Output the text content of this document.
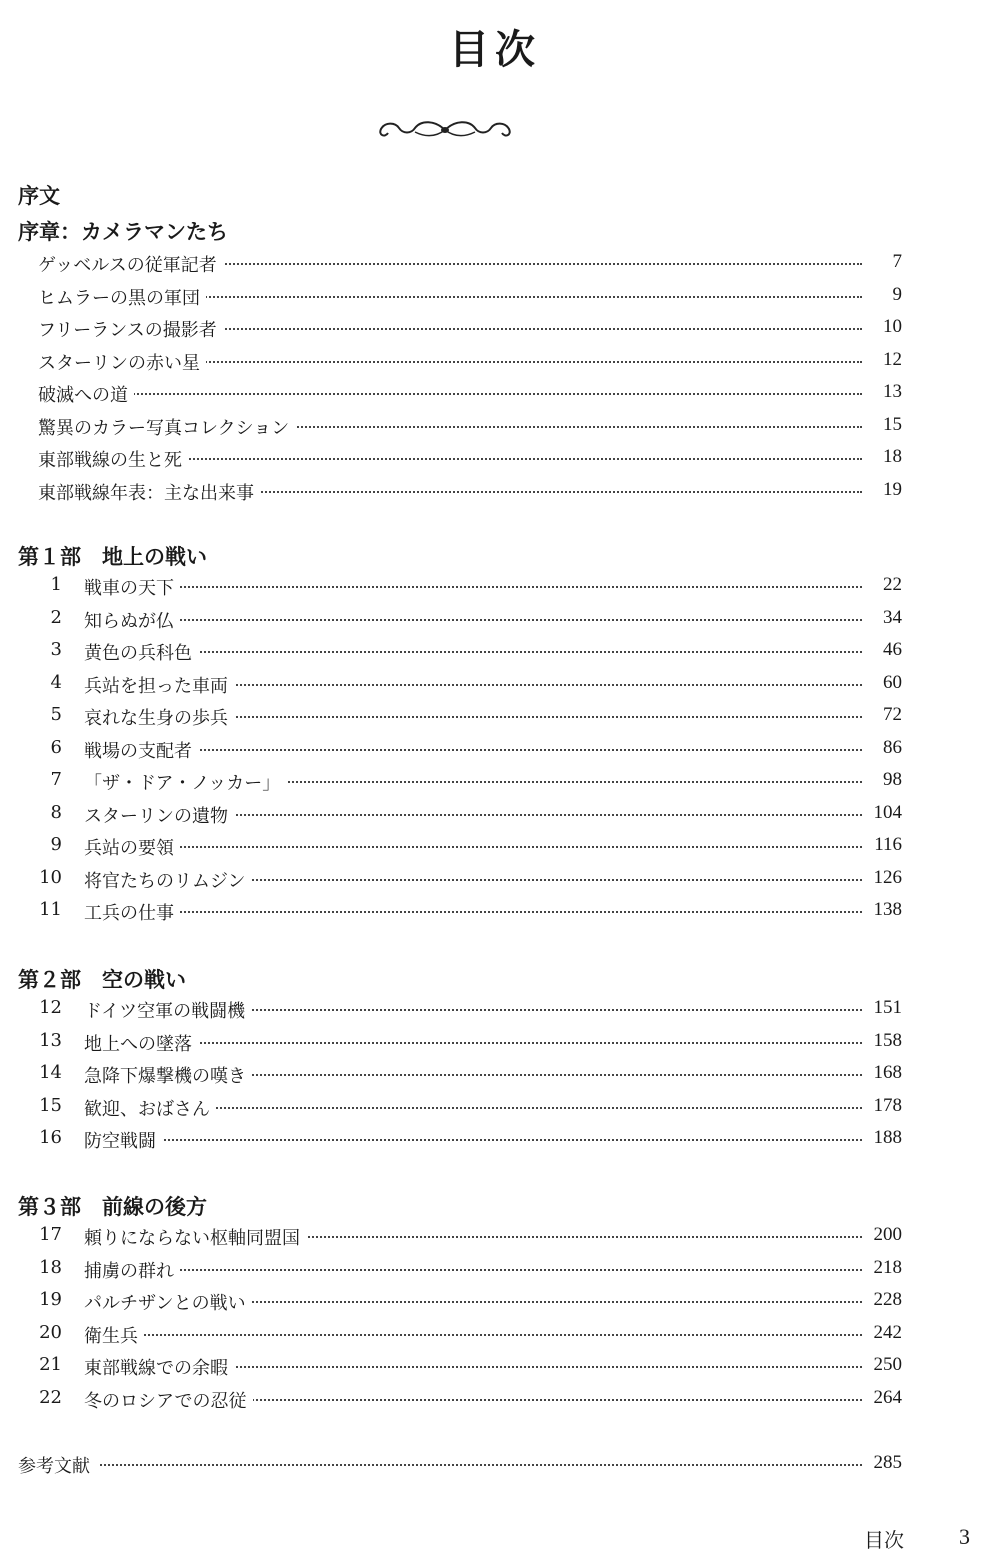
目次
序文
序章：カメラマンたち
ゲッベルスの従軍記者	7
ヒムラーの黒の軍団	9
フリーランスの撮影者	10
スターリンの赤い星	12
破滅への道	13
驚異のカラー写真コレクション	15
東部戦線の生と死	18
東部戦線年表：主な出来事	19
第１部　地上の戦い
1 戦車の天下	22
2 知らぬが仏	34
3 黄色の兵科色	46
4 兵站を担った車両	60
5 哀れな生身の歩兵	72
6 戦場の支配者	86
7 「ザ・ドア・ノッカー」	98
8 スターリンの遺物	104
9 兵站の要領	116
10 将官たちのリムジン	126
11 工兵の仕事	138
第２部　空の戦い
12 ドイツ空軍の戦闘機	151
13 地上への墜落	158
14 急降下爆撃機の嘆き	168
15 歓迎、おばさん	178
16 防空戦闘	188
第３部　前線の後方
17 頼りにならない枢軸同盟国	200
18 捕虜の群れ	218
19 パルチザンとの戦い	228
20 衛生兵	242
21 東部戦線での余暇	250
22 冬のロシアでの忍従	264
参考文献	285
目次	3
